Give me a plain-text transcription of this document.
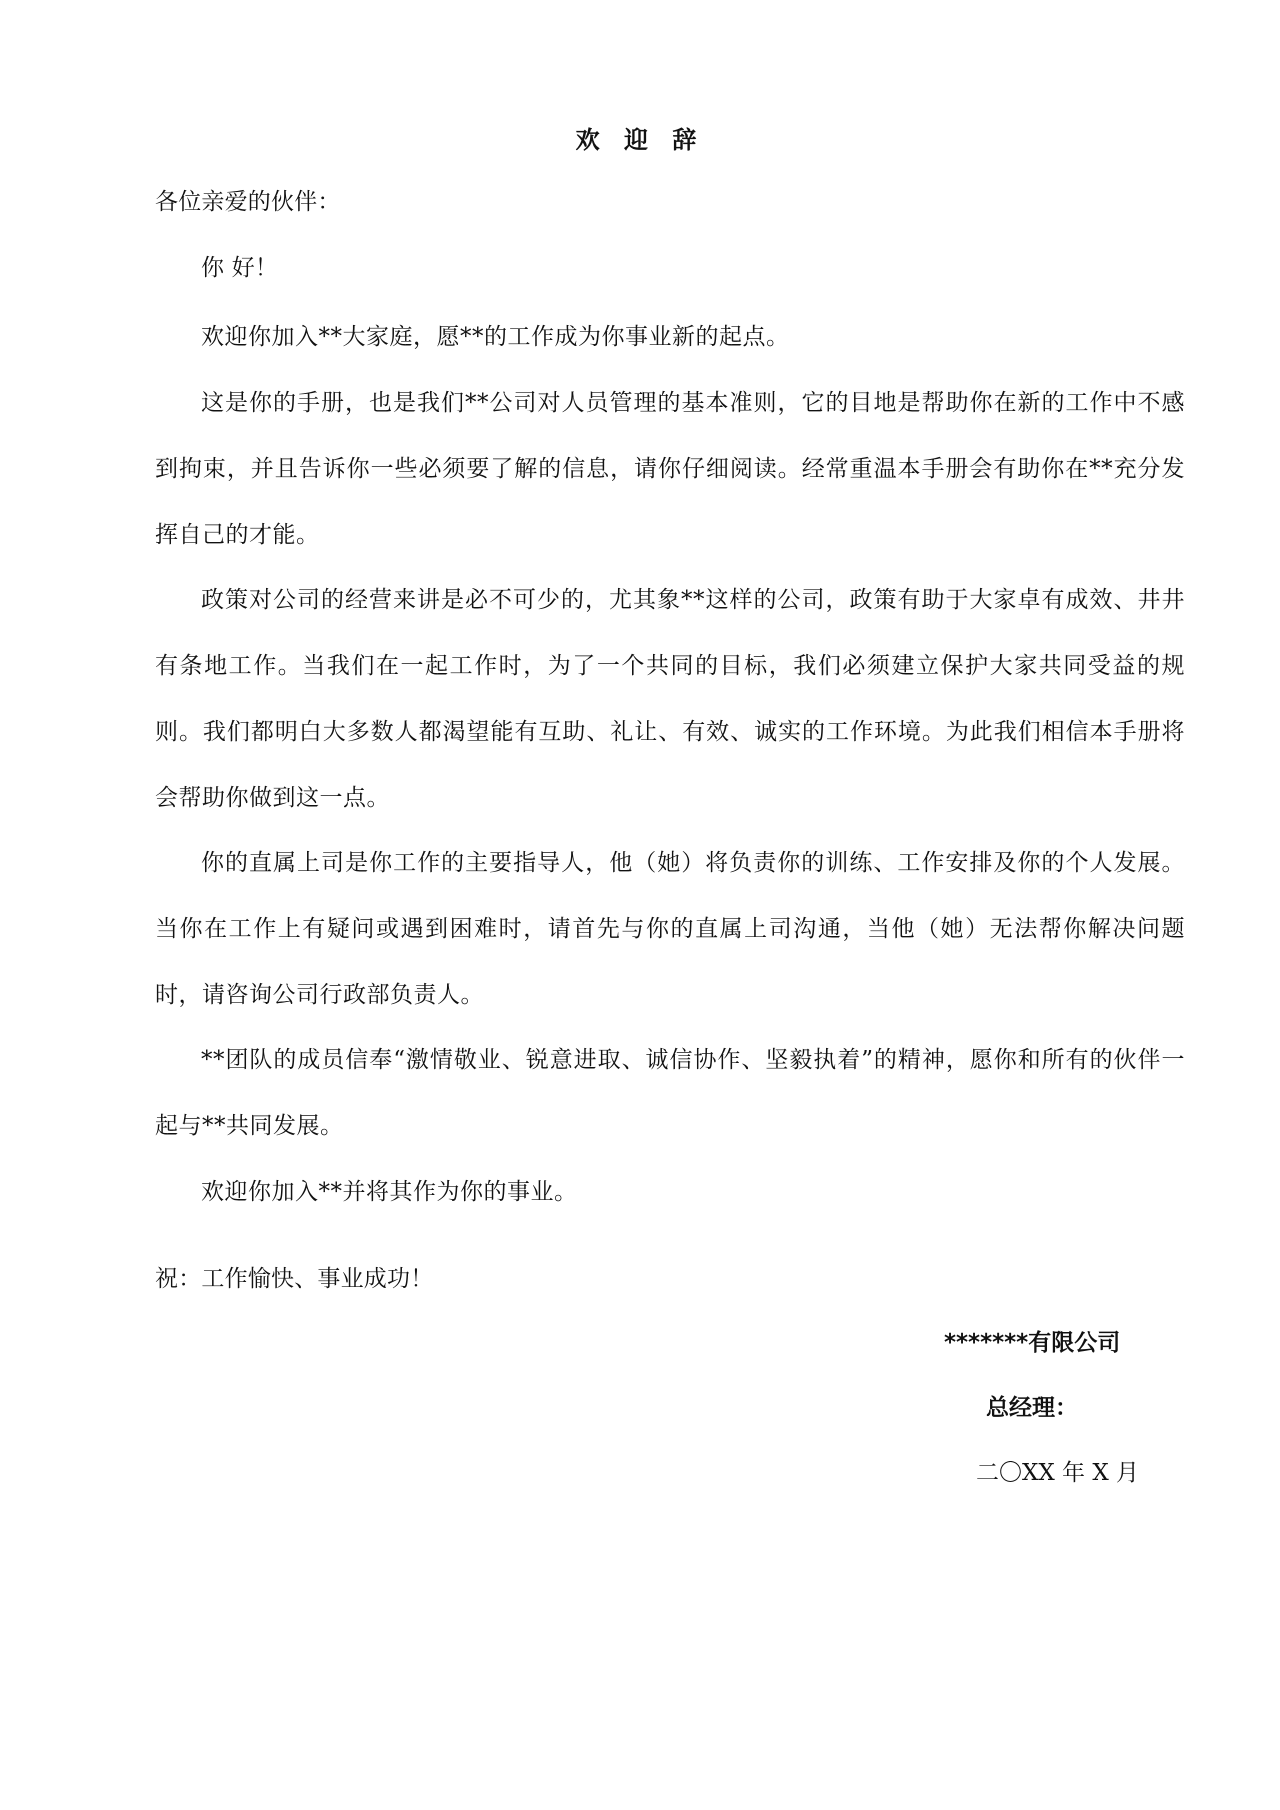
欢 迎 辞
各位亲爱的伙伴：
你 好！
欢迎你加入**大家庭，愿**的工作成为你事业新的起点。
这是你的手册，也是我们**公司对人员管理的基本准则，它的目地是帮助你在新的工作中不感到拘束，并且告诉你一些必须要了解的信息，请你仔细阅读。经常重温本手册会有助你在**充分发挥自己的才能。
政策对公司的经营来讲是必不可少的，尤其象**这样的公司，政策有助于大家卓有成效、井井有条地工作。当我们在一起工作时，为了一个共同的目标，我们必须建立保护大家共同受益的规则。我们都明白大多数人都渴望能有互助、礼让、有效、诚实的工作环境。为此我们相信本手册将会帮助你做到这一点。
你的直属上司是你工作的主要指导人，他（她）将负责你的训练、工作安排及你的个人发展。当你在工作上有疑问或遇到困难时，请首先与你的直属上司沟通，当他（她）无法帮你解决问题时，请咨询公司行政部负责人。
**团队的成员信奉“激情敬业、锐意进取、诚信协作、坚毅执着”的精神，愿你和所有的伙伴一起与**共同发展。
欢迎你加入**并将其作为你的事业。
祝：工作愉快、事业成功！
*******有限公司
总经理：
二〇XX 年 X 月
